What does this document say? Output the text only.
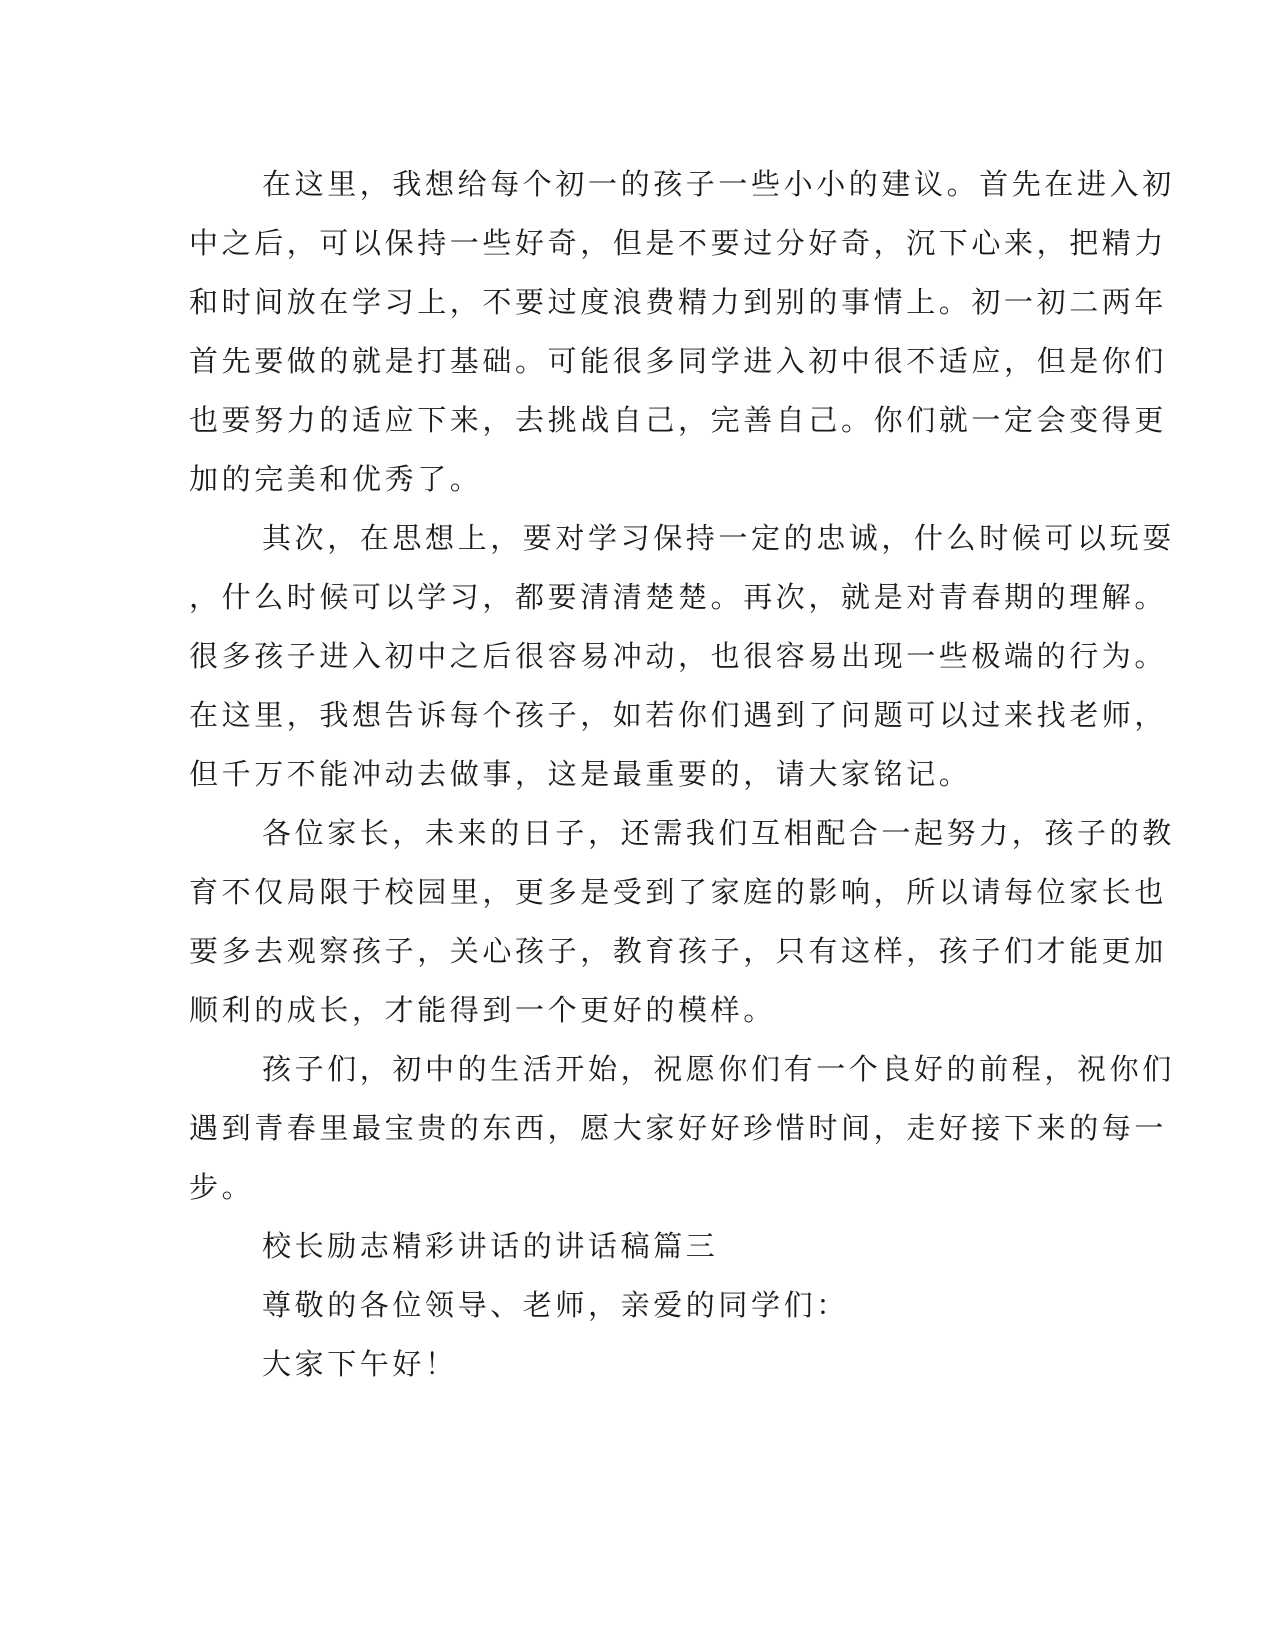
在这里，我想给每个初一的孩子一些小小的建议。首先在进入初
中之后，可以保持一些好奇，但是不要过分好奇，沉下心来，把精力
和时间放在学习上，不要过度浪费精力到别的事情上。初一初二两年
首先要做的就是打基础。可能很多同学进入初中很不适应，但是你们
也要努力的适应下来，去挑战自己，完善自己。你们就一定会变得更
加的完美和优秀了。
其次，在思想上，要对学习保持一定的忠诚，什么时候可以玩耍
，什么时候可以学习，都要清清楚楚。再次，就是对青春期的理解。
很多孩子进入初中之后很容易冲动，也很容易出现一些极端的行为。
在这里，我想告诉每个孩子，如若你们遇到了问题可以过来找老师，
但千万不能冲动去做事，这是最重要的，请大家铭记。
各位家长，未来的日子，还需我们互相配合一起努力，孩子的教
育不仅局限于校园里，更多是受到了家庭的影响，所以请每位家长也
要多去观察孩子，关心孩子，教育孩子，只有这样，孩子们才能更加
顺利的成长，才能得到一个更好的模样。
孩子们，初中的生活开始，祝愿你们有一个良好的前程，祝你们
遇到青春里最宝贵的东西，愿大家好好珍惜时间，走好接下来的每一
步。
校长励志精彩讲话的讲话稿篇三
尊敬的各位领导、老师，亲爱的同学们：
大家下午好！
